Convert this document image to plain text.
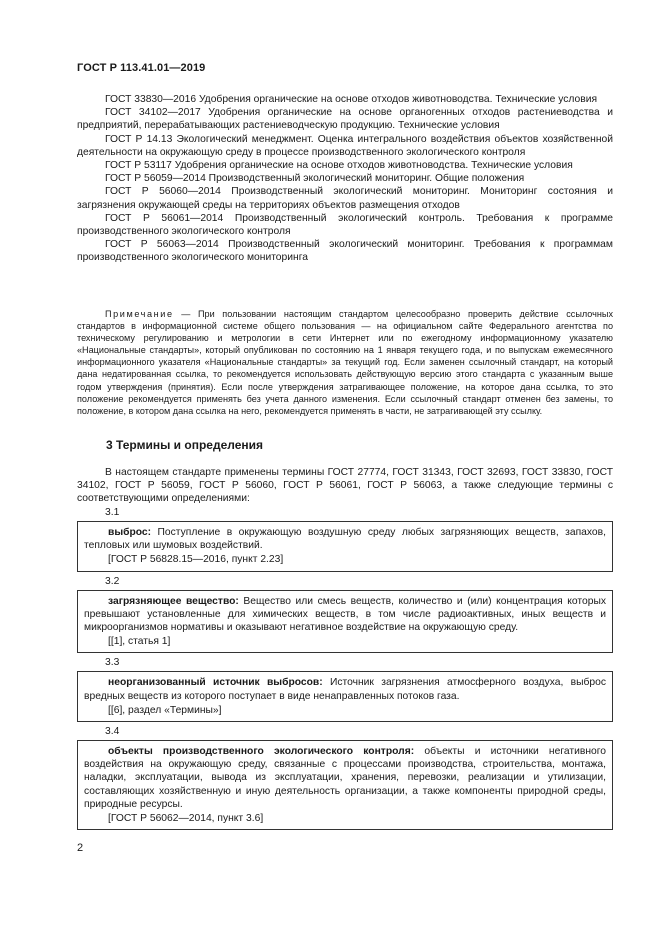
ГОСТ Р 113.41.01—2019

ГОСТ 33830—2016 Удобрения органические на основе отходов животноводства. Технические условия

ГОСТ 34102—2017 Удобрения органические на основе органогенных отходов растениеводства и предприятий, перерабатывающих растениеводческую продукцию. Технические условия

ГОСТ Р 14.13 Экологический менеджмент. Оценка интегрального воздействия объектов хозяйственной деятельности на окружающую среду в процессе производственного экологического контроля

ГОСТ Р 53117 Удобрения органические на основе отходов животноводства. Технические условия

ГОСТ Р 56059—2014 Производственный экологический мониторинг. Общие положения

ГОСТ Р 56060—2014 Производственный экологический мониторинг. Мониторинг состояния и загрязнения окружающей среды на территориях объектов размещения отходов

ГОСТ Р 56061—2014 Производственный экологический контроль. Требования к программе производственного экологического контроля

ГОСТ Р 56063—2014 Производственный экологический мониторинг. Требования к программам производственного экологического мониторинга

Примечание — При пользовании настоящим стандартом целесообразно проверить действие ссылочных стандартов в информационной системе общего пользования — на официальном сайте Федерального агентства по техническому регулированию и метрологии в сети Интернет или по ежегодному информационному указателю «Национальные стандарты», который опубликован по состоянию на 1 января текущего года, и по выпускам ежемесячного информационного указателя «Национальные стандарты» за текущий год. Если заменен ссылочный стандарт, на который дана недатированная ссылка, то рекомендуется использовать действующую версию этого стандарта с указанным выше годом утверждения (принятия). Если после утверждения затрагивающее положение, на которое дана ссылка, то это положение рекомендуется применять без учета данного изменения. Если ссылочный стандарт отменен без замены, то положение, в котором дана ссылка на него, рекомендуется применять в части, не затрагивающей эту ссылку.

3 Термины и определения

В настоящем стандарте применены термины ГОСТ 27774, ГОСТ 31343, ГОСТ 32693, ГОСТ 33830, ГОСТ 34102, ГОСТ Р 56059, ГОСТ Р 56060, ГОСТ Р 56061, ГОСТ Р 56063, а также следующие термины с соответствующими определениями:

3.1

выброс: Поступление в окружающую воздушную среду любых загрязняющих веществ, запахов, тепловых или шумовых воздействий.

[ГОСТ Р 56828.15—2016, пункт 2.23]

3.2

загрязняющее вещество: Вещество или смесь веществ, количество и (или) концентрация которых превышают установленные для химических веществ, в том числе радиоактивных, иных веществ и микроорганизмов нормативы и оказывают негативное воздействие на окружающую среду.

[[1], статья 1]

3.3

неорганизованный источник выбросов: Источник загрязнения атмосферного воздуха, выброс вредных веществ из которого поступает в виде ненаправленных потоков газа.

[[6], раздел «Термины»]

3.4

объекты производственного экологического контроля: объекты и источники негативного воздействия на окружающую среду, связанные с процессами производства, строительства, монтажа, наладки, эксплуатации, вывода из эксплуатации, хранения, перевозки, реализации и утилизации, составляющих хозяйственную и иную деятельность организации, а также компоненты природной среды, природные ресурсы.

[ГОСТ Р 56062—2014, пункт 3.6]

2
